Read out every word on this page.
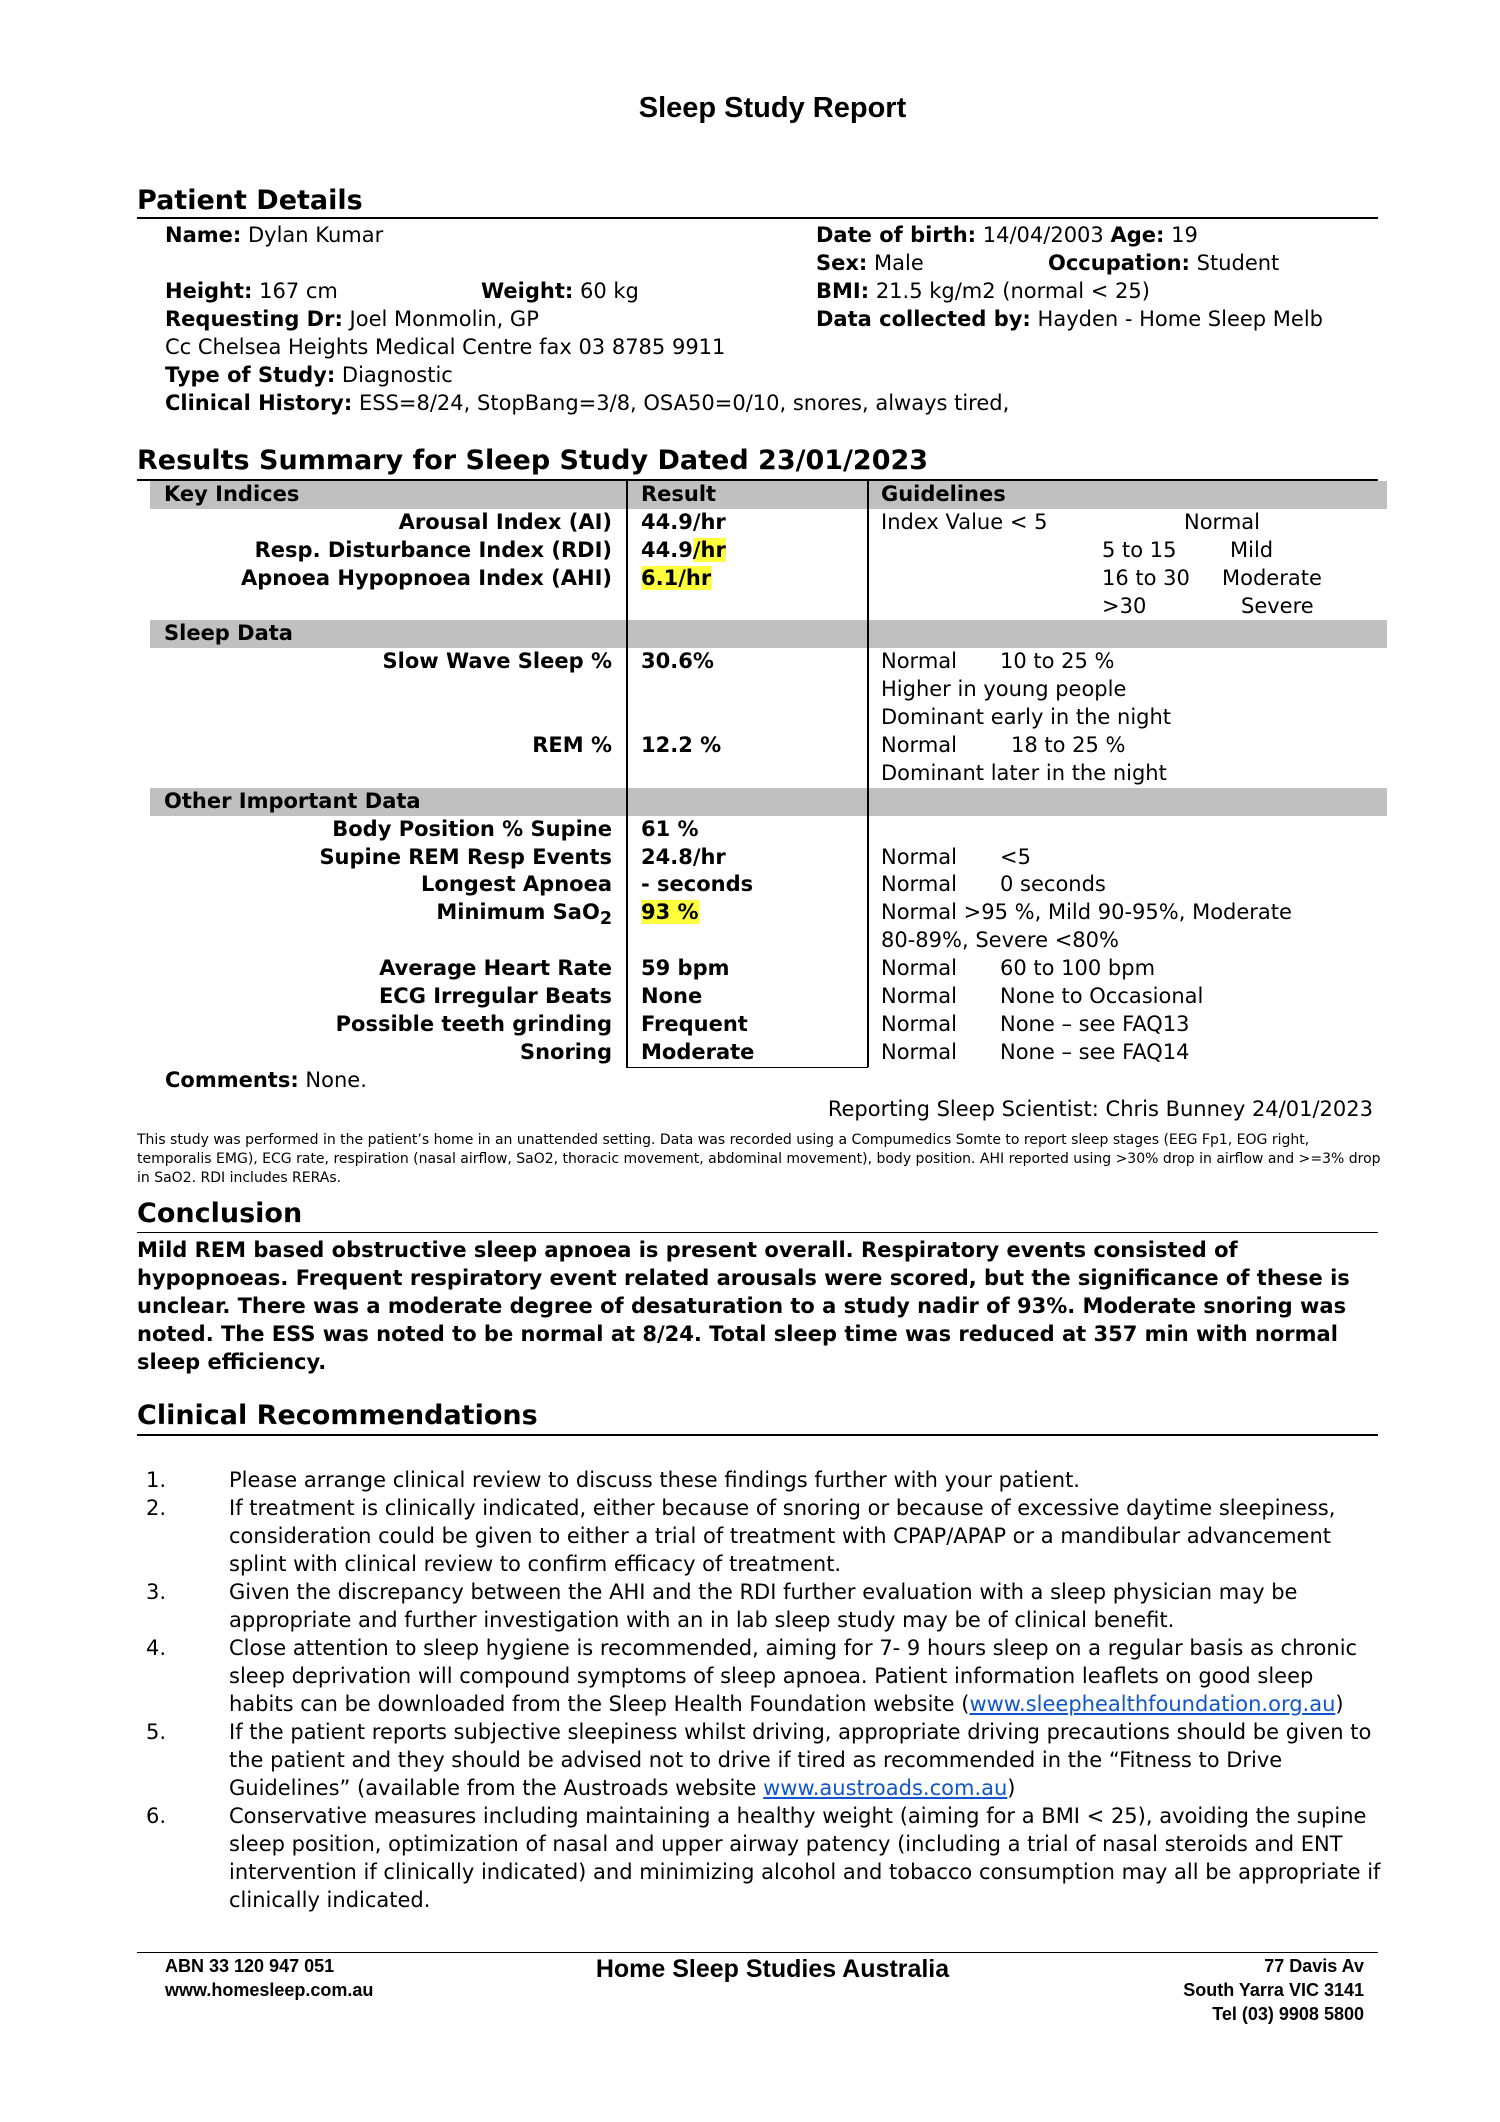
Sleep Study Report
Patient Details
Name: Dylan Kumar	Date of birth: 14/04/2003 Age: 19
Sex: Male	Occupation: Student
Height: 167 cm	Weight: 60 kg	BMI: 21.5 kg/m2 (normal < 25)
Requesting Dr: Joel Monmolin, GP	Data collected by: Hayden - Home Sleep Melb
Cc Chelsea Heights Medical Centre fax 03 8785 9911
Type of Study: Diagnostic
Clinical History: ESS=8/24, StopBang=3/8, OSA50=0/10, snores, always tired,
Results Summary for Sleep Study Dated 23/01/2023
Key Indices	Result	Guidelines
Arousal Index (AI) 44.9/hr	Index Value < 5	Normal
Resp. Disturbance Index (RDI) 44.9/hr	5 to 15	Mild
Apnoea Hypopnoea Index (AHI) 6.1/hr	16 to 30 Moderate
>30	Severe
Sleep Data
Slow Wave Sleep % 30.6%	Normal 10 to 25 %
Higher in young people
Dominant early in the night
REM % 12.2 %	Normal	18 to 25 %
Dominant later in the night
Other Important Data
Body Position % Supine 61 %
Supine REM Resp Events 24.8/hr	Normal <5
Longest Apnoea - seconds	Normal 0 seconds
Minimum SaO$_2$ 93 %	Normal >95 %, Mild 90-95%, Moderate
80-89%, Severe <80%
Average Heart Rate 59 bpm	Normal 60 to 100 bpm
ECG Irregular Beats None	Normal None to Occasional
Possible teeth grinding Frequent	Normal None – see FAQ13
Snoring Moderate	Normal None – see FAQ14
Comments: None.
Reporting Sleep Scientist: Chris Bunney 24/01/2023
This study was performed in the patient’s home in an unattended setting. Data was recorded using a Compumedics Somte to report sleep stages (EEG Fp1, EOG right, temporalis EMG), ECG rate, respiration (nasal airflow, SaO2, thoracic movement, abdominal movement), body position. AHI reported using >30% drop in airflow and >=3% drop in SaO2. RDI includes RERAs.
Conclusion
Mild REM based obstructive sleep apnoea is present overall. Respiratory events consisted of hypopnoeas. Frequent respiratory event related arousals were scored, but the significance of these is unclear. There was a moderate degree of desaturation to a study nadir of 93%. Moderate snoring was noted. The ESS was noted to be normal at 8/24. Total sleep time was reduced at 357 min with normal sleep efficiency.
Clinical Recommendations
1.	Please arrange clinical review to discuss these findings further with your patient.
2.	If treatment is clinically indicated, either because of snoring or because of excessive daytime sleepiness, consideration could be given to either a trial of treatment with CPAP/APAP or a mandibular advancement splint with clinical review to confirm efficacy of treatment.
3.	Given the discrepancy between the AHI and the RDI further evaluation with a sleep physician may be appropriate and further investigation with an in lab sleep study may be of clinical benefit.
4.	Close attention to sleep hygiene is recommended, aiming for 7- 9 hours sleep on a regular basis as chronic sleep deprivation will compound symptoms of sleep apnoea. Patient information leaflets on good sleep habits can be downloaded from the Sleep Health Foundation website (www.sleephealthfoundation.org.au)
5.	If the patient reports subjective sleepiness whilst driving, appropriate driving precautions should be given to the patient and they should be advised not to drive if tired as recommended in the “Fitness to Drive Guidelines” (available from the Austroads website www.austroads.com.au)
6.	Conservative measures including maintaining a healthy weight (aiming for a BMI < 25), avoiding the supine sleep position, optimization of nasal and upper airway patency (including a trial of nasal steroids and ENT intervention if clinically indicated) and minimizing alcohol and tobacco consumption may all be appropriate if clinically indicated.
ABN 33 120 947 051
www.homesleep.com.au
Home Sleep Studies Australia	77 Davis Av
South Yarra VIC 3141
Tel (03) 9908 5800
